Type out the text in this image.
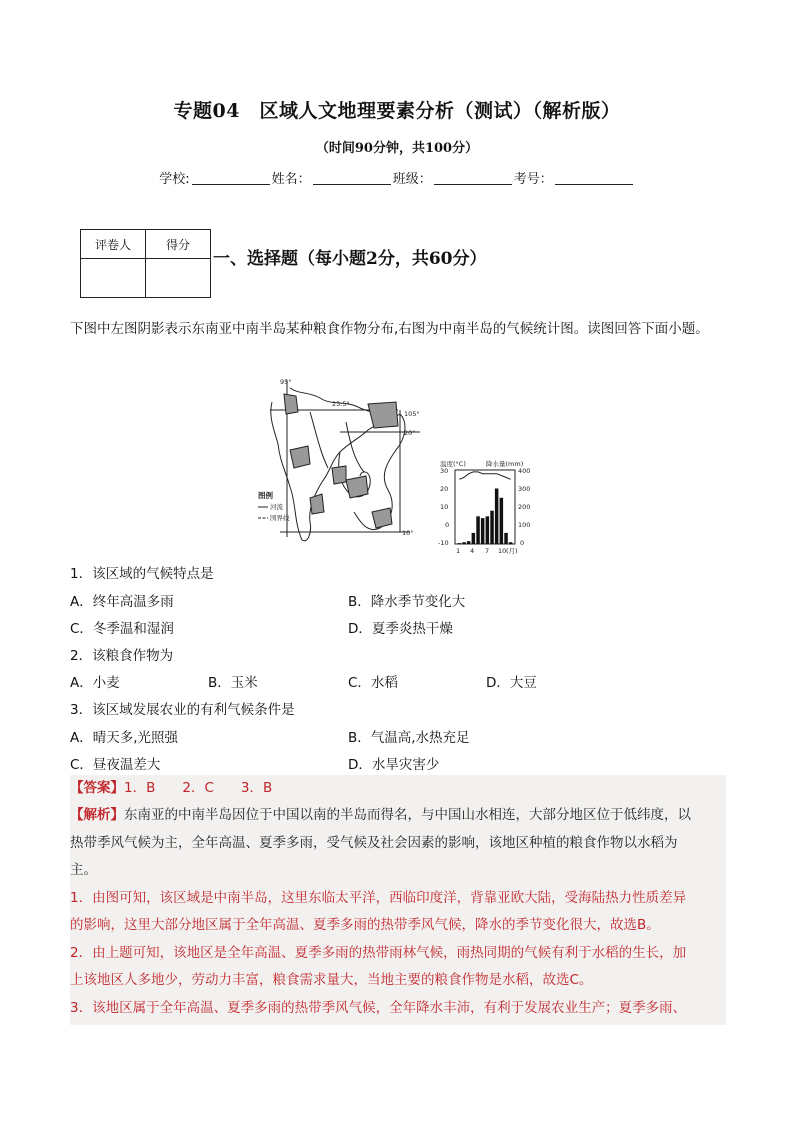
专题04　区域人文地理要素分析（测试）（解析版）
（时间90分钟，共100分）
学校:	姓名：	班级：	考号：
评卷人	得分

一、选择题（每小题2分，共60分）
下图中左图阴影表示东南亚中南半岛某种粮食作物分布,右图为中南半岛的气候统计图。读图回答下面小题。
95°
23.5°
105°
20°
10°
图例
河流
国界线
温度(°C)	降水量(mm)
30
20
10
0
-10
400
300
200
100
0
1 4 7 10 (月)
1．该区域的气候特点是
A．终年高温多雨	B．降水季节变化大
C．冬季温和湿润	D．夏季炎热干燥
2．该粮食作物为
A．小麦	B．玉米	C．水稻	D．大豆
3．该区域发展农业的有利气候条件是
A．晴天多,光照强	B．气温高,水热充足
C．昼夜温差大	D．水旱灾害少
【答案】1．B　　2．C　　3．B
【解析】东南亚的中南半岛因位于中国以南的半岛而得名，与中国山水相连，大部分地区位于低纬度，以
热带季风气候为主，全年高温、夏季多雨，受气候及社会因素的影响，该地区种植的粮食作物以水稻为
主。
1．由图可知，该区域是中南半岛，这里东临太平洋，西临印度洋，背靠亚欧大陆，受海陆热力性质差异
的影响，这里大部分地区属于全年高温、夏季多雨的热带季风气候，降水的季节变化很大，故选B。
2．由上题可知，该地区是全年高温、夏季多雨的热带雨林气候，雨热同期的气候有利于水稻的生长，加
上该地区人多地少，劳动力丰富，粮食需求量大，当地主要的粮食作物是水稻，故选C。
3．该地区属于全年高温、夏季多雨的热带季风气候，全年降水丰沛，有利于发展农业生产；夏季多雨、
